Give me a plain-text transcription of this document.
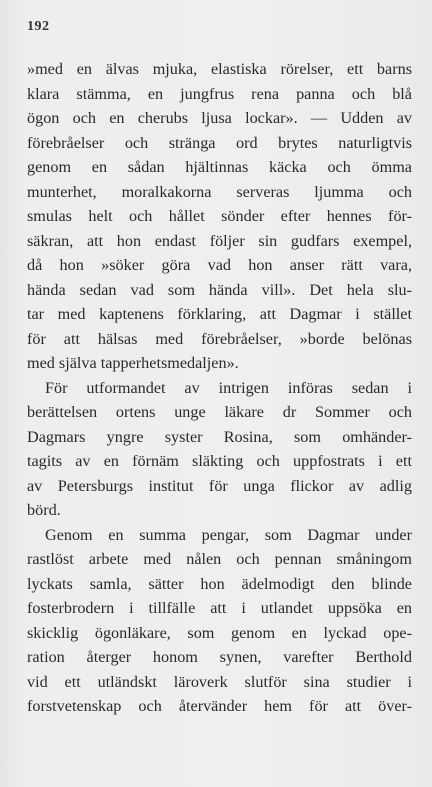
192
»med en älvas mjuka, elastiska rörelser, ett barns
klara stämma, en jungfrus rena panna och blå
ögon och en cherubs ljusa lockar». — Udden av
förebråelser och stränga ord brytes naturligtvis
genom en sådan hjältinnas käcka och ömma
munterhet, moralkakorna serveras ljumma och
smulas helt och hållet sönder efter hennes för-
säkran, att hon endast följer sin gudfars exempel,
då hon »söker göra vad hon anser rätt vara,
hända sedan vad som hända vill». Det hela slu-
tar med kaptenens förklaring, att Dagmar i stället
för att hälsas med förebråelser, »borde belönas
med själva tapperhetsmedaljen».
För utformandet av intrigen införas sedan i
berättelsen ortens unge läkare dr Sommer och
Dagmars yngre syster Rosina, som omhänder-
tagits av en förnäm släkting och uppfostrats i ett
av Petersburgs institut för unga flickor av adlig
börd.
Genom en summa pengar, som Dagmar under
rastlöst arbete med nålen och pennan småningom
lyckats samla, sätter hon ädelmodigt den blinde
fosterbrodern i tillfälle att i utlandet uppsöka en
skicklig ögonläkare, som genom en lyckad ope-
ration återger honom synen, varefter Berthold
vid ett utländskt läroverk slutför sina studier i
forstvetenskap och återvänder hem för att över-
